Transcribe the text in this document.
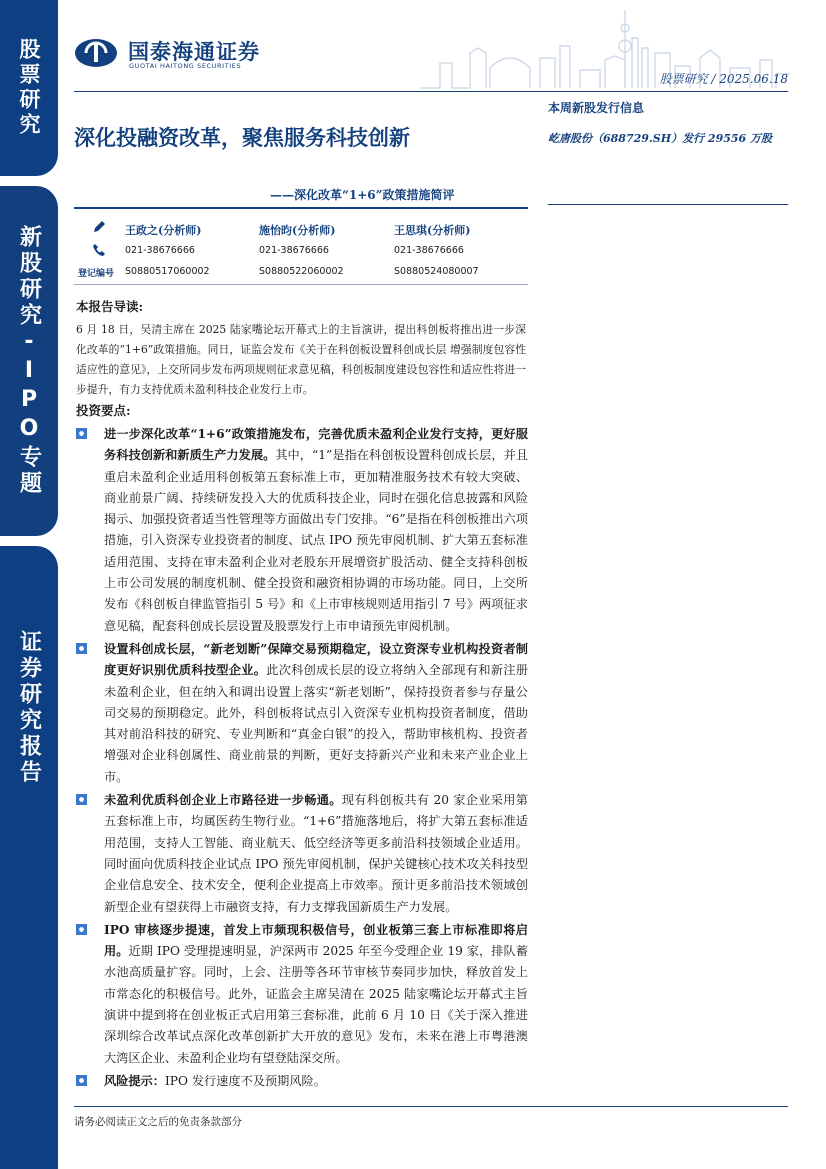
股票研究
新股研究-IPO专题
证券研究报告
国泰海通证券
GUOTAI HAITONG SECURITIES
股票研究 / 2025.06.18
深化投融资改革，聚焦服务科技创新
——深化改革“1+6”政策措施简评
王政之(分析师)	施怡昀(分析师)	王思琪(分析师)
021-38676666	021-38676666	021-38676666
登记编号 S0880517060002	S0880522060002	S0880524080007
本报告导读:
6 月 18 日，吴清主席在 2025 陆家嘴论坛开幕式上的主旨演讲，提出科创板将推出进一步深化改革的“1+6”政策措施。同日，证监会发布《关于在科创板设置科创成长层 增强制度包容性适应性的意见》，上交所同步发布两项规则征求意见稿，科创板制度建设包容性和适应性将进一步提升，有力支持优质未盈利科技企业发行上市。
投资要点:
进一步深化改革“1+6”政策措施发布，完善优质未盈利企业发行支持，更好服务科技创新和新质生产力发展。其中，“1”是指在科创板设置科创成长层，并且重启未盈利企业适用科创板第五套标准上市，更加精准服务技术有较大突破、商业前景广阔、持续研发投入大的优质科技企业，同时在强化信息披露和风险揭示、加强投资者适当性管理等方面做出专门安排。“6”是指在科创板推出六项措施，引入资深专业投资者的制度、试点 IPO 预先审阅机制、扩大第五套标准适用范围、支持在审未盈利企业对老股东开展增资扩股活动、健全支持科创板上市公司发展的制度机制、健全投资和融资相协调的市场功能。同日，上交所发布《科创板自律监管指引 5 号》和《上市审核规则适用指引 7 号》两项征求意见稿，配套科创成长层设置及股票发行上市申请预先审阅机制。
设置科创成长层，“新老划断”保障交易预期稳定，设立资深专业机构投资者制度更好识别优质科技型企业。此次科创成长层的设立将纳入全部现有和新注册未盈利企业，但在纳入和调出设置上落实“新老划断”，保持投资者参与存量公司交易的预期稳定。此外，科创板将试点引入资深专业机构投资者制度，借助其对前沿科技的研究、专业判断和“真金白银”的投入，帮助审核机构、投资者增强对企业科创属性、商业前景的判断，更好支持新兴产业和未来产业企业上市。
未盈利优质科创企业上市路径进一步畅通。现有科创板共有 20 家企业采用第五套标准上市，均属医药生物行业。“1+6”措施落地后，将扩大第五套标准适用范围，支持人工智能、商业航天、低空经济等更多前沿科技领域企业适用。同时面向优质科技企业试点 IPO 预先审阅机制，保护关键核心技术攻关科技型企业信息安全、技术安全，便利企业提高上市效率。预计更多前沿技术领域创新型企业有望获得上市融资支持，有力支撑我国新质生产力发展。
IPO 审核逐步提速，首发上市频现积极信号，创业板第三套上市标准即将启用。近期 IPO 受理提速明显，沪深两市 2025 年至今受理企业 19 家，排队蓄水池高质量扩容。同时，上会、注册等各环节审核节奏同步加快，释放首发上市常态化的积极信号。此外，证监会主席吴清在 2025 陆家嘴论坛开幕式主旨演讲中提到将在创业板正式启用第三套标准，此前 6 月 10 日《关于深入推进深圳综合改革试点深化改革创新扩大开放的意见》发布，未来在港上市粤港澳大湾区企业、未盈利企业均有望登陆深交所。
风险提示：IPO 发行速度不及预期风险。
请务必阅读正文之后的免责条款部分
本周新股发行信息
屹唐股份（688729.SH）发行 29556 万股
